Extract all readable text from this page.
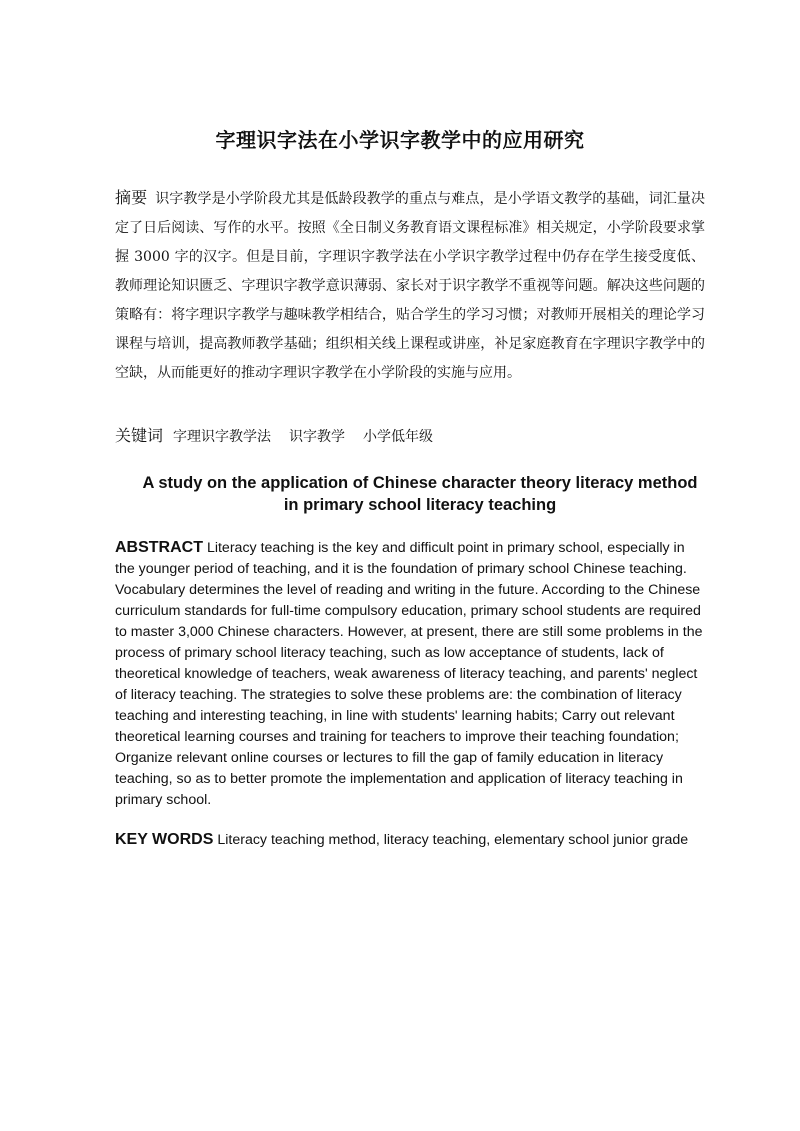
字理识字法在小学识字教学中的应用研究
摘要 识字教学是小学阶段尤其是低龄段教学的重点与难点，是小学语文教学的基础，词汇量决定了日后阅读、写作的水平。按照《全日制义务教育语文课程标准》相关规定，小学阶段要求掌握 3000 字的汉字。但是目前，字理识字教学法在小学识字教学过程中仍存在学生接受度低、教师理论知识匮乏、字理识字教学意识薄弱、家长对于识字教学不重视等问题。解决这些问题的策略有：将字理识字教学与趣味教学相结合，贴合学生的学习习惯；对教师开展相关的理论学习课程与培训，提高教师教学基础；组织相关线上课程或讲座，补足家庭教育在字理识字教学中的空缺，从而能更好的推动字理识字教学在小学阶段的实施与应用。
关键词 字理识字教学法 识字教学 小学低年级
A study on the application of Chinese character theory literacy method
in primary school literacy teaching
ABSTRACT Literacy teaching is the key and difficult point in primary school, especially in the younger period of teaching, and it is the foundation of primary school Chinese teaching. Vocabulary determines the level of reading and writing in the future. According to the Chinese curriculum standards for full-time compulsory education, primary school students are required to master 3,000 Chinese characters. However, at present, there are still some problems in the process of primary school literacy teaching, such as low acceptance of students, lack of theoretical knowledge of teachers, weak awareness of literacy teaching, and parents' neglect of literacy teaching. The strategies to solve these problems are: the combination of literacy teaching and interesting teaching, in line with students' learning habits; Carry out relevant theoretical learning courses and training for teachers to improve their teaching foundation; Organize relevant online courses or lectures to fill the gap of family education in literacy teaching, so as to better promote the implementation and application of literacy teaching in primary school.
KEY WORDS Literacy teaching method, literacy teaching, elementary school junior grade
